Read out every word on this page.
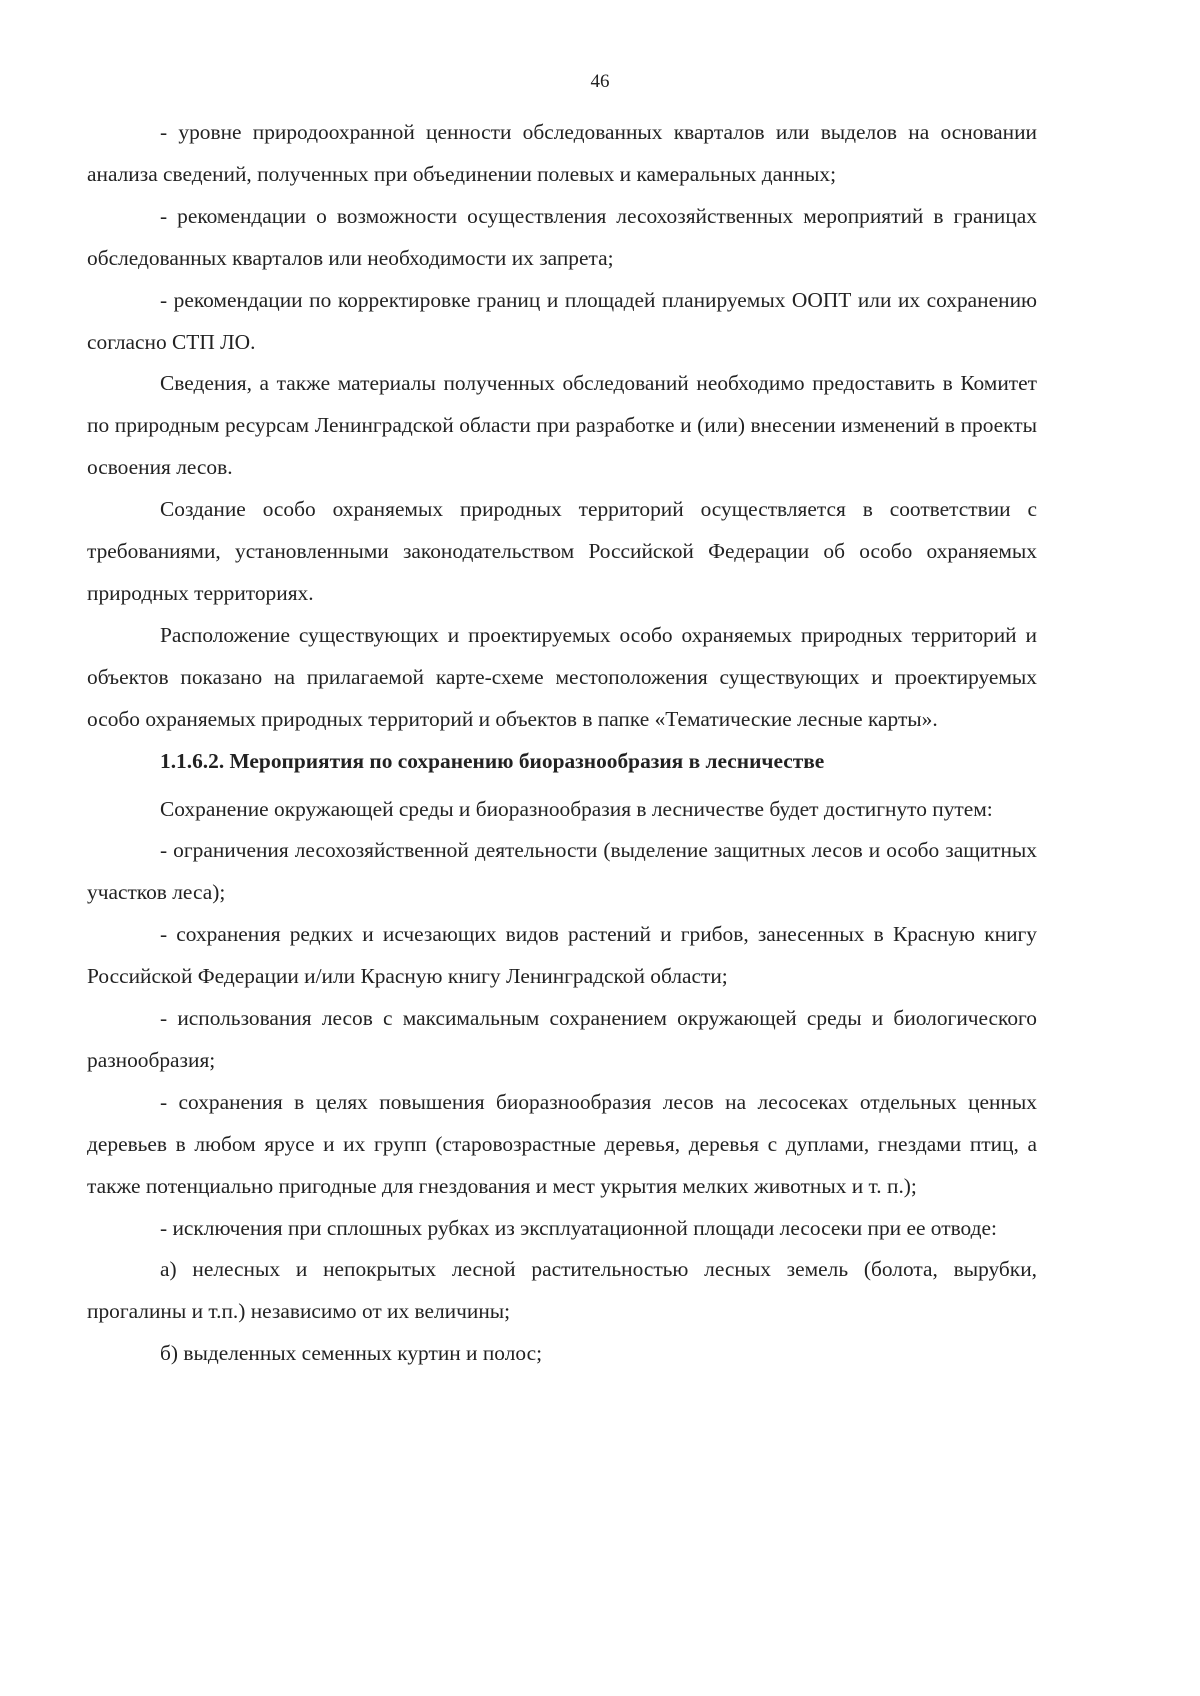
46

- уровне природоохранной ценности обследованных кварталов или выделов на основании анализа сведений, полученных при объединении полевых и камеральных данных;

- рекомендации о возможности осуществления лесохозяйственных мероприятий в границах обследованных кварталов или необходимости их запрета;

- рекомендации по корректировке границ и площадей планируемых ООПТ или их сохранению согласно СТП ЛО.

Сведения, а также материалы полученных обследований необходимо предоставить в Комитет по природным ресурсам Ленинградской области при разработке и (или) внесении изменений в проекты освоения лесов.

Создание особо охраняемых природных территорий осуществляется в соответствии с требованиями, установленными законодательством Российской Федерации об особо охраняемых природных территориях.

Расположение существующих и проектируемых особо охраняемых природных территорий и объектов показано на прилагаемой карте-схеме местоположения существующих и проектируемых особо охраняемых природных территорий и объектов в папке «Тематические лесные карты».

1.1.6.2. Мероприятия по сохранению биоразнообразия в лесничестве

Сохранение окружающей среды и биоразнообразия в лесничестве будет достигнуто путем:

- ограничения лесохозяйственной деятельности (выделение защитных лесов и особо защитных участков леса);

- сохранения редких и исчезающих видов растений и грибов, занесенных в Красную книгу Российской Федерации и/или Красную книгу Ленинградской области;

- использования лесов с максимальным сохранением окружающей среды и биологического разнообразия;

- сохранения в целях повышения биоразнообразия лесов на лесосеках отдельных ценных деревьев в любом ярусе и их групп (старовозрастные деревья, деревья с дуплами, гнездами птиц, а также потенциально пригодные для гнездования и мест укрытия мелких животных и т. п.);

- исключения при сплошных рубках из эксплуатационной площади лесосеки при ее отводе:

а) нелесных и непокрытых лесной растительностью лесных земель (болота, вырубки, прогалины и т.п.) независимо от их величины;

б) выделенных семенных куртин и полос;
